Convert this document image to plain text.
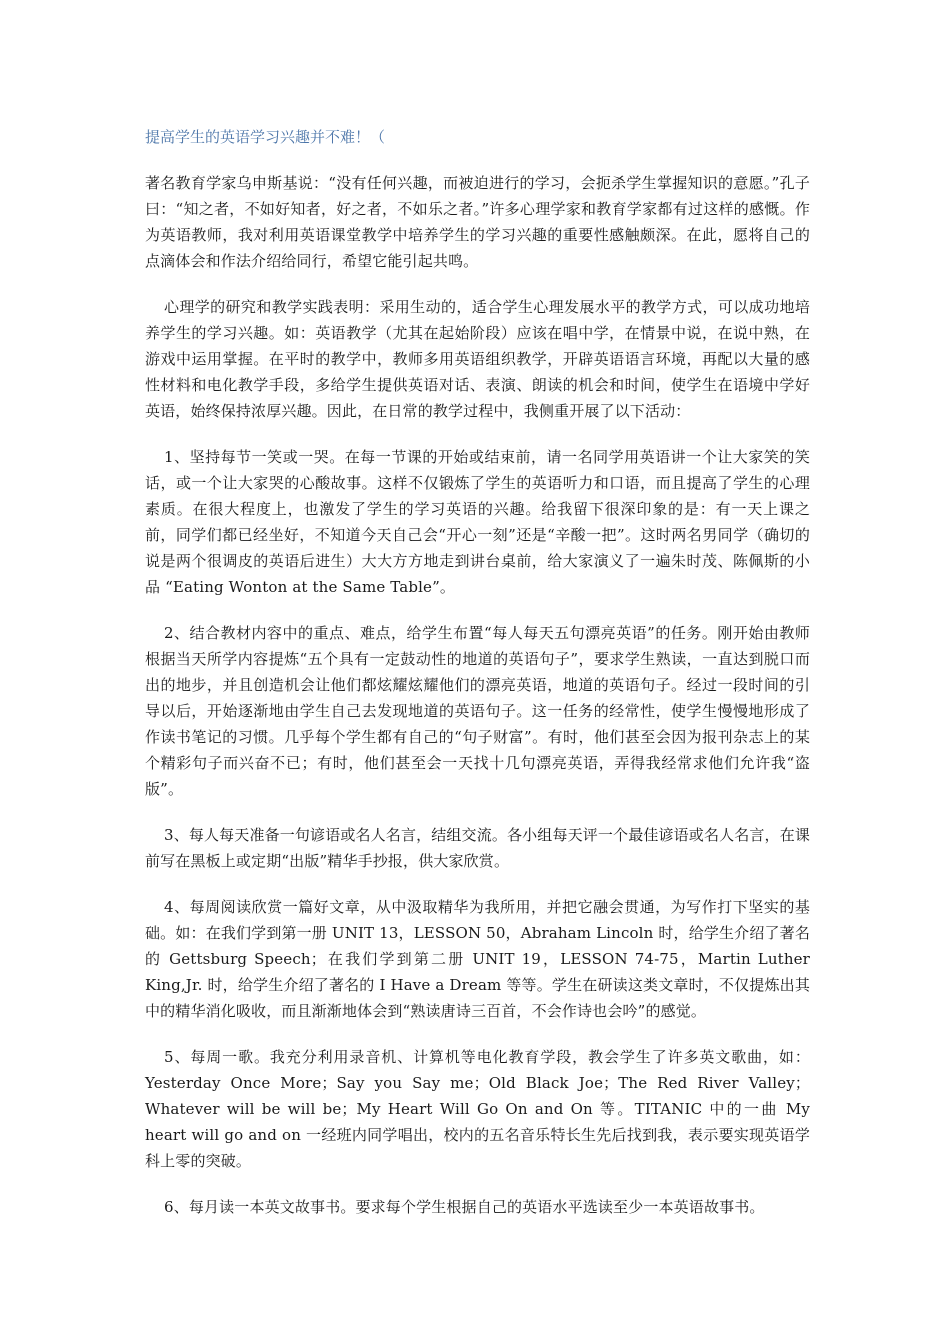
提高学生的英语学习兴趣并不难！（

著名教育学家乌申斯基说：“没有任何兴趣，而被迫进行的学习，会扼杀学生掌握知识的意愿。”孔子曰：“知之者，不如好知者，好之者，不如乐之者。”许多心理学家和教育学家都有过这样的感慨。作为英语教师，我对利用英语课堂教学中培养学生的学习兴趣的重要性感触颇深。在此，愿将自己的点滴体会和作法介绍给同行，希望它能引起共鸣。

心理学的研究和教学实践表明：采用生动的，适合学生心理发展水平的教学方式，可以成功地培养学生的学习兴趣。如：英语教学（尤其在起始阶段）应该在唱中学，在情景中说，在说中熟，在游戏中运用掌握。在平时的教学中，教师多用英语组织教学，开辟英语语言环境，再配以大量的感性材料和电化教学手段，多给学生提供英语对话、表演、朗读的机会和时间，使学生在语境中学好英语，始终保持浓厚兴趣。因此，在日常的教学过程中，我侧重开展了以下活动：

1、坚持每节一笑或一哭。在每一节课的开始或结束前，请一名同学用英语讲一个让大家笑的笑话，或一个让大家哭的心酸故事。这样不仅锻炼了学生的英语听力和口语，而且提高了学生的心理素质。在很大程度上，也激发了学生的学习英语的兴趣。给我留下很深印象的是：有一天上课之前，同学们都已经坐好，不知道今天自己会“开心一刻”还是“辛酸一把”。这时两名男同学（确切的说是两个很调皮的英语后进生）大大方方地走到讲台桌前，给大家演义了一遍朱时茂、陈佩斯的小品 “Eating Wonton at the Same Table”。

2、结合教材内容中的重点、难点，给学生布置“每人每天五句漂亮英语”的任务。刚开始由教师根据当天所学内容提炼“五个具有一定鼓动性的地道的英语句子”，要求学生熟读，一直达到脱口而出的地步，并且创造机会让他们都炫耀炫耀他们的漂亮英语，地道的英语句子。经过一段时间的引导以后，开始逐渐地由学生自己去发现地道的英语句子。这一任务的经常性，使学生慢慢地形成了作读书笔记的习惯。几乎每个学生都有自己的“句子财富”。有时，他们甚至会因为报刊杂志上的某个精彩句子而兴奋不已；有时，他们甚至会一天找十几句漂亮英语，弄得我经常求他们允许我“盗版”。

3、每人每天准备一句谚语或名人名言，结组交流。各小组每天评一个最佳谚语或名人名言，在课前写在黑板上或定期“出版”精华手抄报，供大家欣赏。

4、每周阅读欣赏一篇好文章，从中汲取精华为我所用，并把它融会贯通，为写作打下坚实的基础。如：在我们学到第一册 UNIT 13，LESSON 50，Abraham Lincoln 时，给学生介绍了著名的 Gettsburg Speech；在我们学到第二册 UNIT 19，LESSON 74-75，Martin Luther King,Jr. 时，给学生介绍了著名的 I Have a Dream 等等。学生在研读这类文章时，不仅提炼出其中的精华消化吸收，而且渐渐地体会到“熟读唐诗三百首，不会作诗也会吟”的感觉。

5、每周一歌。我充分利用录音机、计算机等电化教育学段，教会学生了许多英文歌曲，如：Yesterday Once More；Say you Say me；Old Black Joe；The Red River Valley；Whatever will be will be；My Heart Will Go On and On 等。TITANIC 中的一曲 My heart will go and on 一经班内同学唱出，校内的五名音乐特长生先后找到我，表示要实现英语学科上零的突破。

6、每月读一本英文故事书。要求每个学生根据自己的英语水平选读至少一本英语故事书。
